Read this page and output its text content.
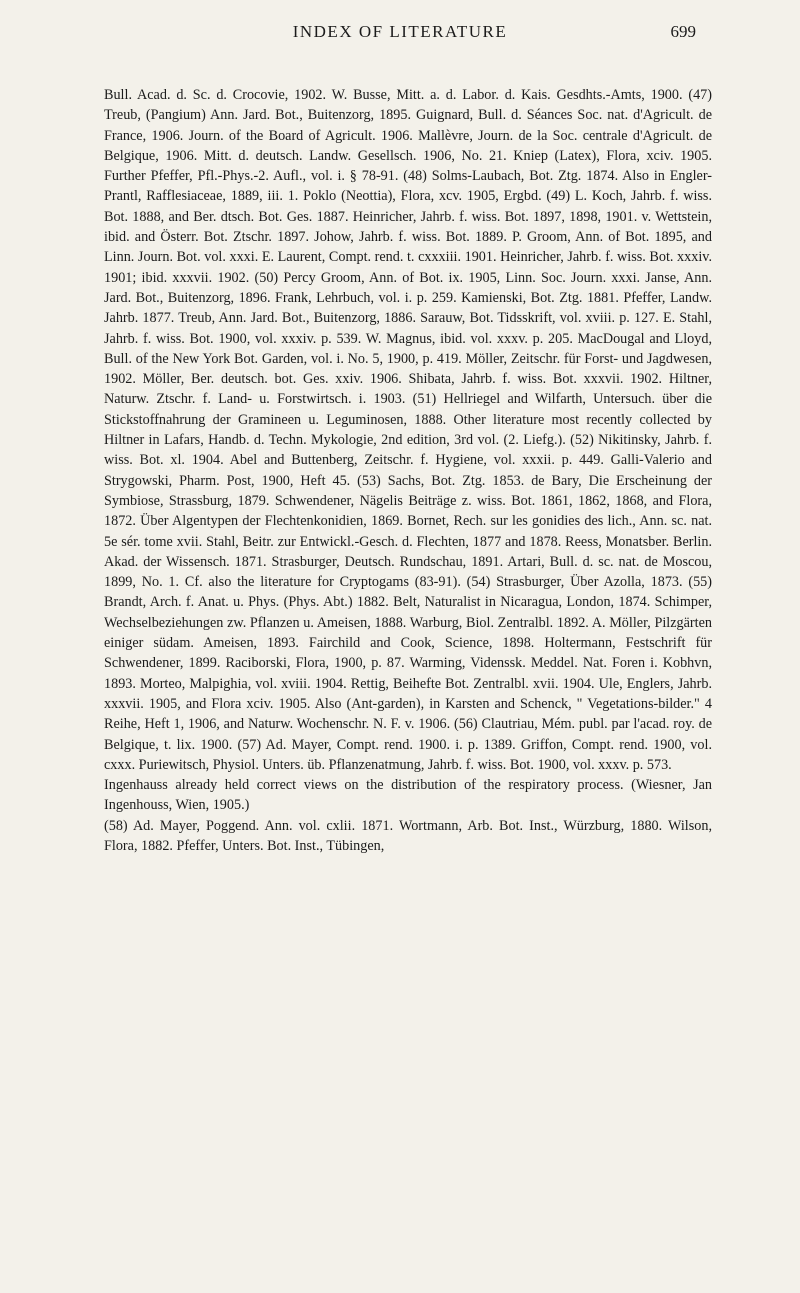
INDEX OF LITERATURE	699

Bull. Acad. d. Sc. d. Crocovie, 1902. W. Busse, Mitt. a. d. Labor. d. Kais. Gesdhts.-Amts, 1900. (47) Treub, (Pangium) Ann. Jard. Bot., Buitenzorg, 1895. Guignard, Bull. d. Séances Soc. nat. d'Agricult. de France, 1906. Journ. of the Board of Agricult. 1906. Mallèvre, Journ. de la Soc. centrale d'Agricult. de Belgique, 1906. Mitt. d. deutsch. Landw. Gesellsch. 1906, No. 21. Kniep (Latex), Flora, xciv. 1905. Further Pfeffer, Pfl.-Phys.-2. Aufl., vol. i. § 78-91. (48) Solms-Laubach, Bot. Ztg. 1874. Also in Engler-Prantl, Rafflesiaceae, 1889, iii. 1. Poklo (Neottia), Flora, xcv. 1905, Ergbd. (49) L. Koch, Jahrb. f. wiss. Bot. 1888, and Ber. dtsch. Bot. Ges. 1887. Heinricher, Jahrb. f. wiss. Bot. 1897, 1898, 1901. v. Wettstein, ibid. and Österr. Bot. Ztschr. 1897. Johow, Jahrb. f. wiss. Bot. 1889. P. Groom, Ann. of Bot. 1895, and Linn. Journ. Bot. vol. xxxi. E. Laurent, Compt. rend. t. cxxxiii. 1901. Heinricher, Jahrb. f. wiss. Bot. xxxiv. 1901; ibid. xxxvii. 1902. (50) Percy Groom, Ann. of Bot. ix. 1905, Linn. Soc. Journ. xxxi. Janse, Ann. Jard. Bot., Buitenzorg, 1896. Frank, Lehrbuch, vol. i. p. 259. Kamienski, Bot. Ztg. 1881. Pfeffer, Landw. Jahrb. 1877. Treub, Ann. Jard. Bot., Buitenzorg, 1886. Sarauw, Bot. Tidsskrift, vol. xviii. p. 127. E. Stahl, Jahrb. f. wiss. Bot. 1900, vol. xxxiv. p. 539. W. Magnus, ibid. vol. xxxv. p. 205. MacDougal and Lloyd, Bull. of the New York Bot. Garden, vol. i. No. 5, 1900, p. 419. Möller, Zeitschr. für Forst- und Jagdwesen, 1902. Möller, Ber. deutsch. bot. Ges. xxiv. 1906. Shibata, Jahrb. f. wiss. Bot. xxxvii. 1902. Hiltner, Naturw. Ztschr. f. Land- u. Forstwirtsch. i. 1903. (51) Hellriegel and Wilfarth, Untersuch. über die Stickstoffnahrung der Gramineen u. Leguminosen, 1888. Other literature most recently collected by Hiltner in Lafars, Handb. d. Techn. Mykologie, 2nd edition, 3rd vol. (2. Liefg.). (52) Nikitinsky, Jahrb. f. wiss. Bot. xl. 1904. Abel and Buttenberg, Zeitschr. f. Hygiene, vol. xxxii. p. 449. Galli-Valerio and Strygowski, Pharm. Post, 1900, Heft 45. (53) Sachs, Bot. Ztg. 1853. de Bary, Die Erscheinung der Symbiose, Strassburg, 1879. Schwendener, Nägelis Beiträge z. wiss. Bot. 1861, 1862, 1868, and Flora, 1872. Über Algentypen der Flechtenkonidien, 1869. Bornet, Rech. sur les gonidies des lich., Ann. sc. nat. 5e sér. tome xvii. Stahl, Beitr. zur Entwickl.-Gesch. d. Flechten, 1877 and 1878. Reess, Monatsber. Berlin. Akad. der Wissensch. 1871. Strasburger, Deutsch. Rundschau, 1891. Artari, Bull. d. sc. nat. de Moscou, 1899, No. 1. Cf. also the literature for Cryptogams (83-91). (54) Strasburger, Über Azolla, 1873. (55) Brandt, Arch. f. Anat. u. Phys. (Phys. Abt.) 1882. Belt, Naturalist in Nicaragua, London, 1874. Schimper, Wechselbeziehungen zw. Pflanzen u. Ameisen, 1888. Warburg, Biol. Zentralbl. 1892. A. Möller, Pilzgärten einiger südam. Ameisen, 1893. Fairchild and Cook, Science, 1898. Holtermann, Festschrift für Schwendener, 1899. Raciborski, Flora, 1900, p. 87. Warming, Videnssk. Meddel. Nat. Foren i. Kobhvn, 1893. Morteo, Malpighia, vol. xviii. 1904. Rettig, Beihefte Bot. Zentralbl. xvii. 1904. Ule, Englers, Jahrb. xxxvii. 1905, and Flora xciv. 1905. Also (Ant-garden), in Karsten and Schenck, " Vegetations-bilder." 4 Reihe, Heft 1, 1906, and Naturw. Wochenschr. N. F. v. 1906. (56) Clautriau, Mém. publ. par l'acad. roy. de Belgique, t. lix. 1900. (57) Ad. Mayer, Compt. rend. 1900. i. p. 1389. Griffon, Compt. rend. 1900, vol. cxxx. Puriewitsch, Physiol. Unters. üb. Pflanzenatmung, Jahrb. f. wiss. Bot. 1900, vol. xxxv. p. 573.

Ingenhauss already held correct views on the distribution of the respiratory process. (Wiesner, Jan Ingenhouss, Wien, 1905.)

(58) Ad. Mayer, Poggend. Ann. vol. cxlii. 1871. Wortmann, Arb. Bot. Inst., Würzburg, 1880. Wilson, Flora, 1882. Pfeffer, Unters. Bot. Inst., Tübingen,
